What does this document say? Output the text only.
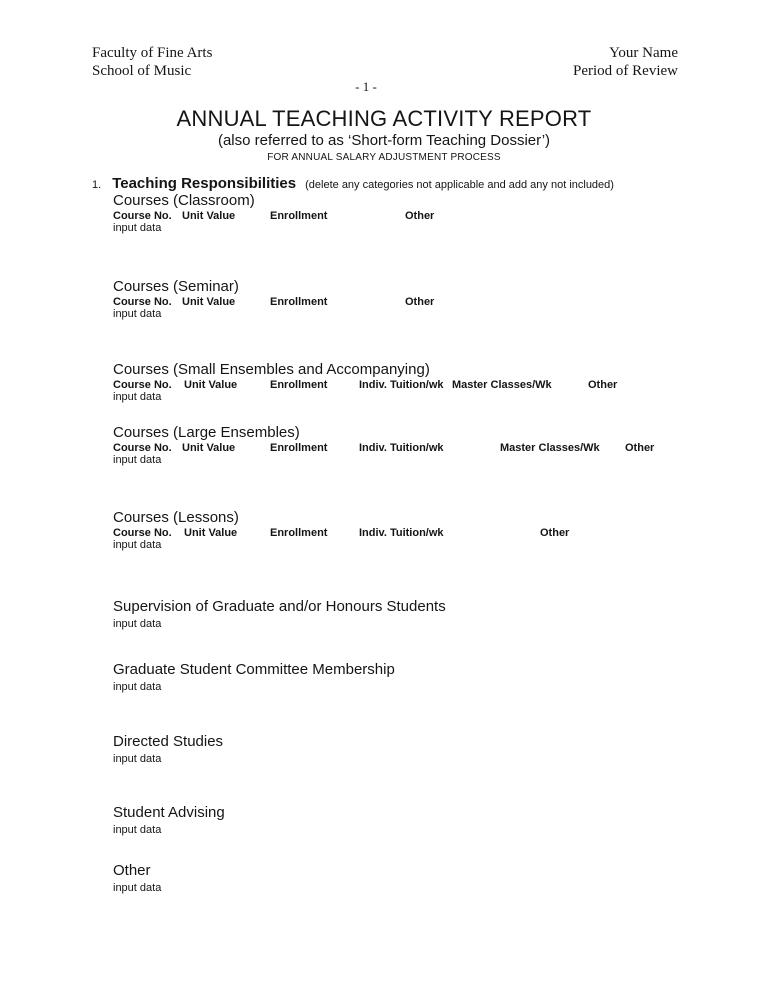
Faculty of Fine Arts
School of Music
Your Name
Period of Review
- 1 -
ANNUAL TEACHING ACTIVITY REPORT
(also referred to as ‘Short-form Teaching Dossier’)
FOR ANNUAL SALARY ADJUSTMENT PROCESS
1. Teaching Responsibilities (delete any categories not applicable and add any not included)
Courses (Classroom)
Course No. Unit Value	Enrollment	Other
input data
Courses (Seminar)
Course No. Unit Value	Enrollment	Other
input data
Courses (Small Ensembles and Accompanying)
Course No. Unit Value	Enrollment	Indiv. Tuition/wk Master Classes/Wk	Other
input data
Courses (Large Ensembles)
Course No. Unit Value	Enrollment	Indiv. Tuition/wk	Master Classes/Wk Other
input data
Courses (Lessons)
Course No. Unit Value	Enrollment	Indiv. Tuition/wk	Other
input data
Supervision of Graduate and/or Honours Students
input data
Graduate Student Committee Membership
input data
Directed Studies
input data
Student Advising
input data
Other
input data
